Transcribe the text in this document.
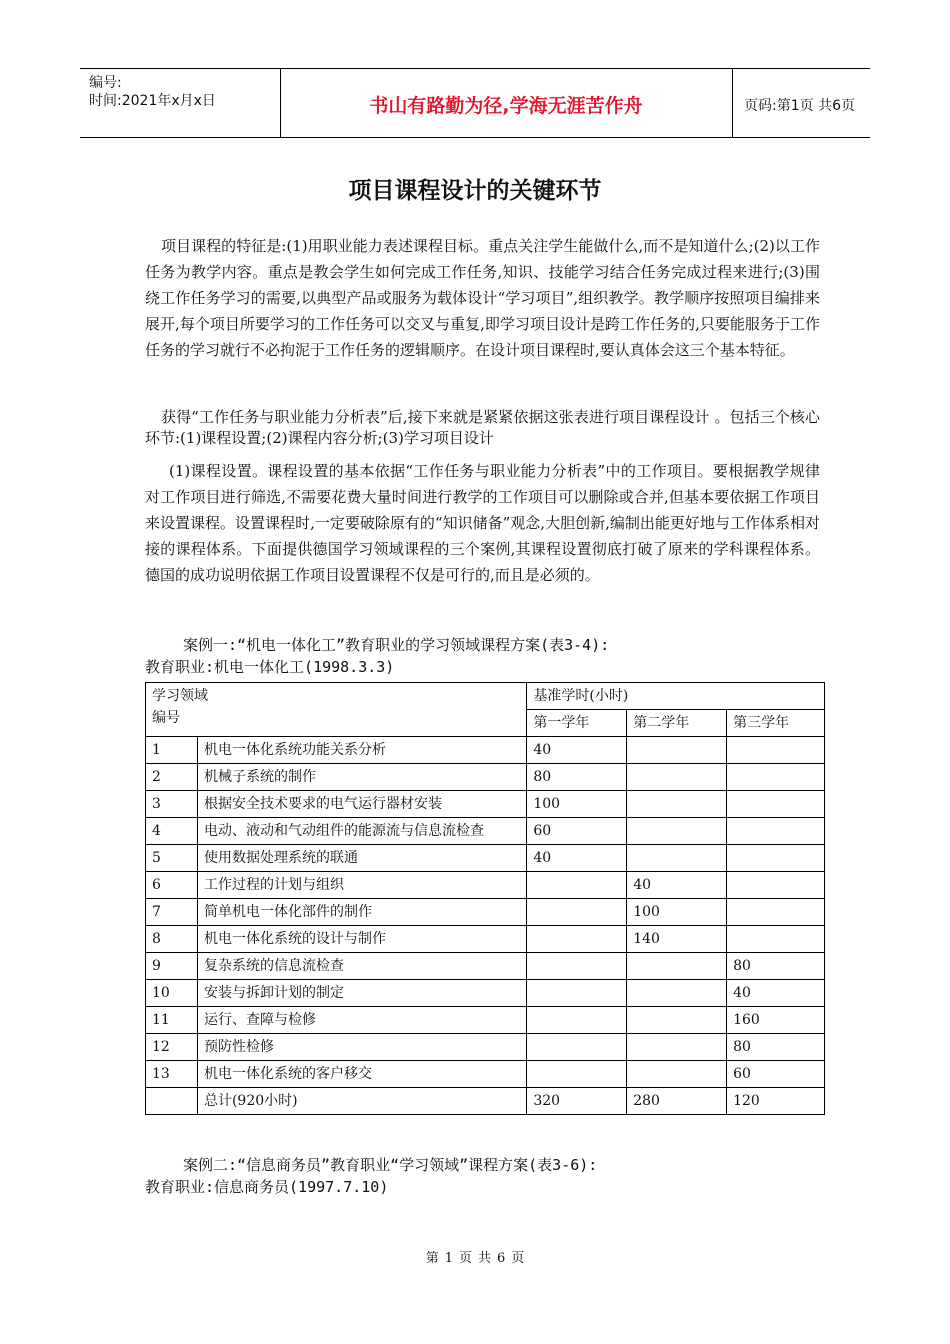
编号:
时间:2021年x月x日	书山有路勤为径,学海无涯苦作舟	页码:第1页 共6页
项目课程设计的关键环节

项目课程的特征是:(1)用职业能力表述课程目标。重点关注学生能做什么,而不是知道什么;(2)以工作任务为教学内容。重点是教会学生如何完成工作任务,知识、技能学习结合任务完成过程来进行;(3)围绕工作任务学习的需要,以典型产品或服务为载体设计“学习项目”,组织教学。教学顺序按照项目编排来展开,每个项目所要学习的工作任务可以交叉与重复,即学习项目设计是跨工作任务的,只要能服务于工作任务的学习就行不必拘泥于工作任务的逻辑顺序。在设计项目课程时,要认真体会这三个基本特征。

获得“工作任务与职业能力分析表”后,接下来就是紧紧依据这张表进行项目课程设计 。包括三个核心环节:(1)课程设置;(2)课程内容分析;(3)学习项目设计

(1)课程设置。课程设置的基本依据“工作任务与职业能力分析表”中的工作项目。要根据教学规律对工作项目进行筛选,不需要花费大量时间进行教学的工作项目可以删除或合并,但基本要依据工作项目来设置课程。设置课程时,一定要破除原有的“知识储备”观念,大胆创新,编制出能更好地与工作体系相对接的课程体系。下面提供德国学习领域课程的三个案例,其课程设置彻底打破了原来的学科课程体系。德国的成功说明依据工作项目设置课程不仅是可行的,而且是必须的。

案例一:“机电一体化工”教育职业的学习领域课程方案(表3-4):
教育职业:机电一体化工(1998.3.3)
学习领域
编号		基准学时(小时)		
		第一学年	第二学年	第三学年
1	机电一体化系统功能关系分析	40		
2	机械子系统的制作	80		
3	根据安全技术要求的电气运行器材安装	100		
4	电动、液动和气动组件的能源流与信息流检查	60		
5	使用数据处理系统的联通	40		
6	工作过程的计划与组织		40	
7	简单机电一体化部件的制作		100	
8	机电一体化系统的设计与制作		140	
9	复杂系统的信息流检查			80
10	安装与拆卸计划的制定			40
11	运行、查障与检修			160
12	预防性检修			80
13	机电一体化系统的客户移交			60
	总计(920小时)	320	280	120
案例二:“信息商务员”教育职业“学习领域”课程方案(表3-6):
教育职业:信息商务员(1997.7.10)
第 1 页 共 6 页
